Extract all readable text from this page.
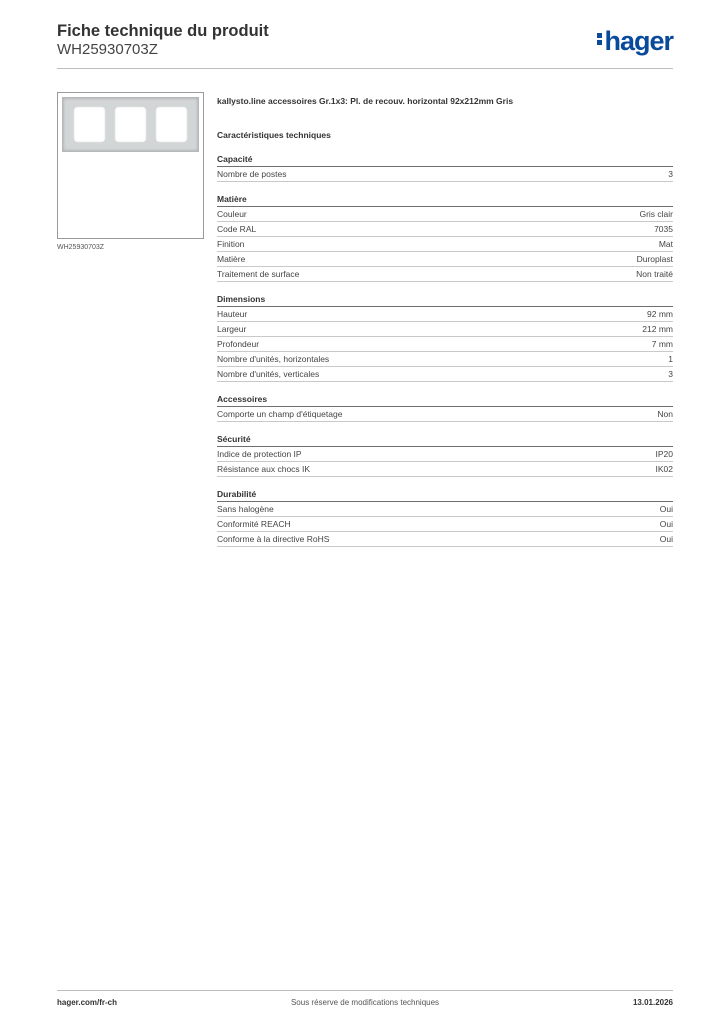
Fiche technique du produit
WH25930703Z	hager
WH25930703Z
kallysto.line accessoires Gr.1x3: Pl. de recouv. horizontal 92x212mm Gris
Caractéristiques techniques
Capacité
Nombre de postes	3
Matière
Couleur	Gris clair
Code RAL	7035
Finition	Mat
Matière	Duroplast
Traitement de surface	Non traité
Dimensions
Hauteur	92 mm
Largeur	212 mm
Profondeur	7 mm
Nombre d'unités, horizontales	1
Nombre d'unités, verticales	3
Accessoires
Comporte un champ d'étiquetage	Non
Sécurité
Indice de protection IP	IP20
Résistance aux chocs IK	IK02
Durabilité
Sans halogène	Oui
Conformité REACH	Oui
Conforme à la directive RoHS	Oui
hager.com/fr-ch	Sous réserve de modifications techniques	13.01.2026
